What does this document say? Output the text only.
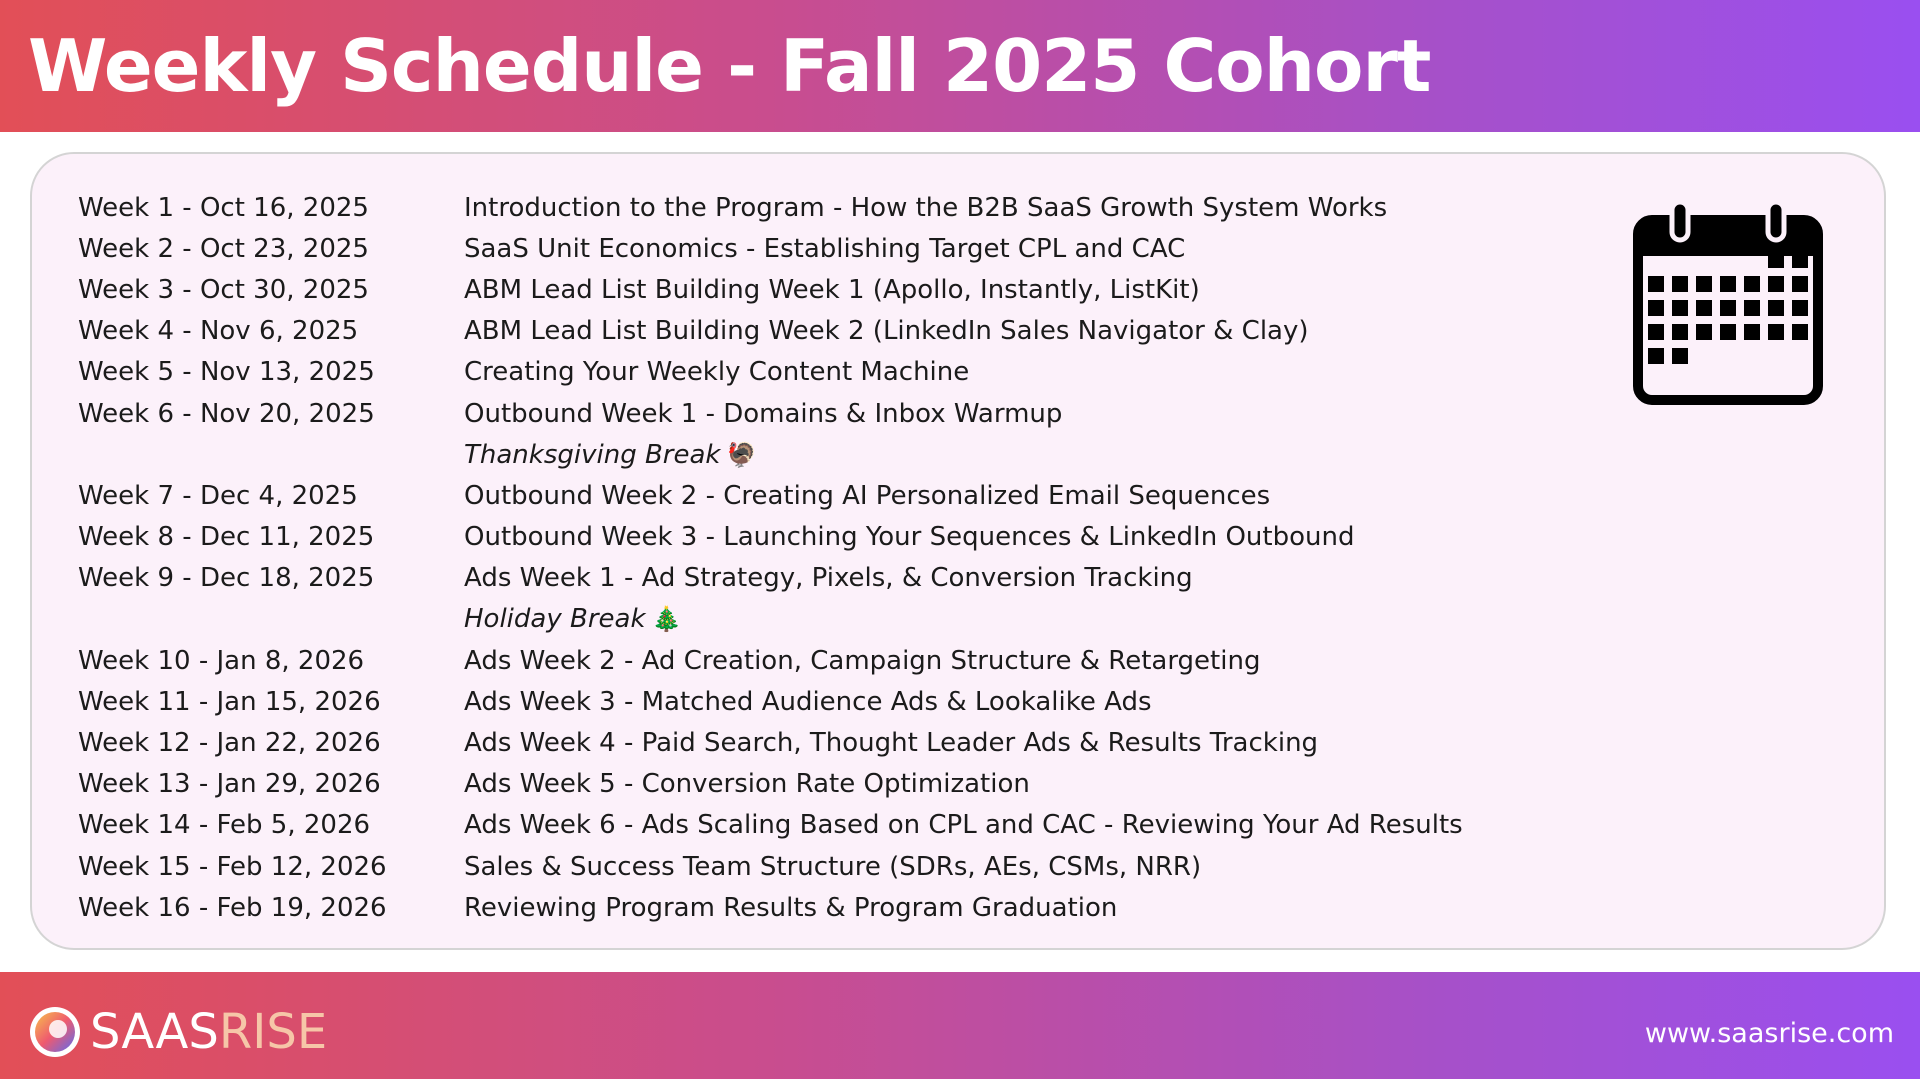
Weekly Schedule - Fall 2025 Cohort
Week 1 - Oct 16, 2025	Introduction to the Program - How the B2B SaaS Growth System Works
Week 2 - Oct 23, 2025	SaaS Unit Economics - Establishing Target CPL and CAC
Week 3 - Oct 30, 2025	ABM Lead List Building Week 1 (Apollo, Instantly, ListKit)
Week 4 - Nov 6, 2025	ABM Lead List Building Week 2 (LinkedIn Sales Navigator & Clay)
Week 5 - Nov 13, 2025	Creating Your Weekly Content Machine
Week 6 - Nov 20, 2025	Outbound Week 1 - Domains & Inbox Warmup
Thanksgiving Break 🦃
Week 7 - Dec 4, 2025	Outbound Week 2 - Creating AI Personalized Email Sequences
Week 8 - Dec 11, 2025	Outbound Week 3 - Launching Your Sequences & LinkedIn Outbound
Week 9 - Dec 18, 2025	Ads Week 1 - Ad Strategy, Pixels, & Conversion Tracking
Holiday Break 🎄
Week 10 - Jan 8, 2026	Ads Week 2 - Ad Creation, Campaign Structure & Retargeting
Week 11 - Jan 15, 2026	Ads Week 3 - Matched Audience Ads & Lookalike Ads
Week 12 - Jan 22, 2026	Ads Week 4 - Paid Search, Thought Leader Ads & Results Tracking
Week 13 - Jan 29, 2026	Ads Week 5 - Conversion Rate Optimization
Week 14 - Feb 5, 2026	Ads Week 6 - Ads Scaling Based on CPL and CAC - Reviewing Your Ad Results
Week 15 - Feb 12, 2026	Sales & Success Team Structure (SDRs, AEs, CSMs, NRR)
Week 16 - Feb 19, 2026	Reviewing Program Results & Program Graduation
SAASRISE	www.saasrise.com
